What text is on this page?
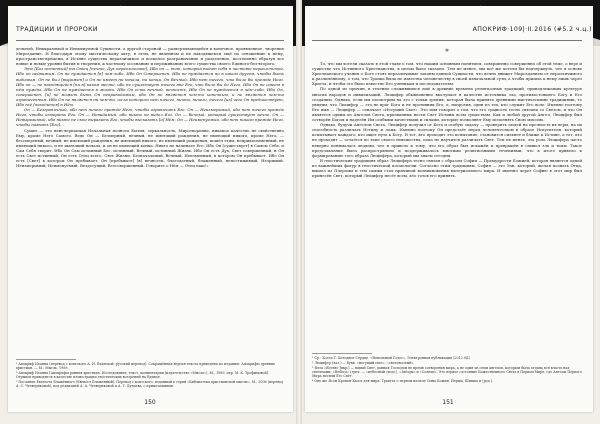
ТРАДИЦИИ И ПРОРОКИ	АПОКРИФ·109|·II.2016 (#5.2 ч.ц.)

дельной, Невыразимой и Неименуемой Сущности, а другой стороной — развертывающейся в конечное, проявленное, творение Мироздание. И благодаря этому мистическому акту, в этом, не явленном и не находящемся ещё по отношению к нему, пространстве-времени, в Истине существа неразличимое и всецелое разграничение и разделение, постепенно образуя все новые и новые уровни бытия и творения, к частному осознанию и переживанию всего существа своего Единого-без-второго.

Это [Бог истинный] та Отец [нечто, Дух неразличимое], Ибо он — тот, который видит себя в чистоте неразличимой, Ибо он недвижим. Он не нуждается [в] чем-либо. Ибо Он Совершенен. Ибо не нуждается ни в каком другом, чтобы быть видимым. Он не был [выражен] и Он не имеет ни начала, ни конца. Он Вечный. Ибо нет ничего, что было бы прежде Него. Ибо он — не находящийся [ни в] каком месте, ибо не существует ничего вне Его, что было бы до Него. Ибо Он не имеет в нём нужды. Ибо Он не нуждается в жизни. Ибо Он есть вечный, вечность. Ибо Он не нуждается в чём-либо. Ибо Он, совершенен, [и] не может быть Он неприводимым, ибо Он не является чем-то конечным, и не является чем-то ограниченным. Ибо Он не является ни чем-то, из-за которого нет ничего, ничто, ничего, ничего [из] чего Он предшествует, Ибо всё [находится] в Нём.

Он — Безграничный, ибо нет ничего прежде Него, чтобы ограничить Его. Он — Неизмеримый, ибо нет ничего прежде Него, чтобы измерить Его. Он — Невидимый, ибо никто не видел Его. Он — Вечный, который существует вечно. Он — Невыразимый, ибо никто не смог выразить Его, чтобы высказать [о] Нём. Он — Неименуемый, ибо нет никого прежде Него, чтобы назвать [Его]…

Сущее — это неисчерпаемая Начальная полнота Бытия, зеркальность, Миротворение, никакое качество не свойственно Ему, кроме Него Самого. Ведь Он — Безмерный, вечный, не имеющий рождения, не имеющий никого, кроме Него, — бессмертный, вечный, не имеющий рождения, не имеющий никого, не имеющий рождения, пошёл этим, неприкосновенный, не имеющий никого, и не имеющий начала, и он не имеющий конца. Никто не начинает Его. Ибо Он [существует] в Самом Себе, и Сам Себя творит. Ибо Он Сам истинный Бог, истинный, Вечный, истинный Жизнь. Ибо Он есть Дух, Свет совершенный, и Он есть Свет истинный, Он есть Отец всего. Свет Жизни, Безначальный, Вечный, Неизменный, в котором Он пребывает. Ибо Он есть [Свет] в котором Он пребывает. Он [пребывает] [в] вечности, благодатный, блаженный, непостижимый, Незримый, Неизмеримый, Неименуемый, Вездесущий, Всесовершенный. Говорите о Нём — Отец наш!»

¹ Апокриф Иоанна (перевод с коптского А. И. Еланской; русский перевод). Сокращённая версия текста приведена по изданию: Апокрифы древних христиан. — М.: Мысль, 1989.

² Апокриф Иоанна [Апокрифы ранних христиан. Исследование, текст, комментарии (издательство «Мысль»), М., 1989, пер. М. К. Трофимовой]. Отрывок приводится в качестве иллюстрации гностических воззрений на Единое.

³ Послание Евгноста Блаженного (Евгност Блаженный). Перевод с коптского, изданный в серии «Библиотека христианской мысли», М., 2006 (перевод А. С. Четвериковой), под редакцией А. А. Четвериковой и А. Г. Дунаева, с примечаниями.

*

То, что мы хотели сказать в этой главе о том, что нашим основным понятием, совершенно совершенно об этой теме, о вере и существе что Истинного Христианства, в целом было сказано. Тем не менее, мы всё же хотели бы подчеркнуть, что в основе Христианского учения о Боге стоят неразличимые законы единой Сущности, что вечно движет Мирозданием от неразличимого к различённому, о том, что Троица была не известна человечеству в своей изначальной сути, а чтобы пришла к нему лишь через Христа, и чтобы это было известно Его ученикам и последователям.

По одной из причин, в течение сложившихся ещё в древние времена религиозных традиций, принадлежащих культуре многих народов и цивилизаций, Люцифер обыкновенно выступает в качестве источника зла, противостоящего Богу и Его созданию. Однако, если мы посмотрим на это с точки зрения, которая была принята древними мистическими традициями, то увидим, что Люцифер — это не враг Бога и не противник Его, а, напротив, один из тех, кто служит Его воле. Именно поэтому Его имя — Люцифер — означает «Несущий Свет». Это имя говорит о том, что его сущность тесно связана со Светом, и что Он является одним из Ангелов Света, призванных нести Свет Истины всем существам. Как и любой другой Ангел, Люцифер был сотворён Богом и наделён Им особыми качествами и силами, которые позволяют Ему исполнять Свою миссию.

Однако, будучи Ангелом Света, Люцифер получил от Бога и особую задачу — проверить людей на прочность их веры, на их способность различать Истину и ложь. Именно поэтому Он предстаёт перед человечеством в образе Искусителя, который испытывает каждого, кто ищет путь к Богу. И тот, кто проходит это испытание, становится сильнее и ближе к Истине, а тот, кто не проходит — остаётся во тьме своего невежества, пока не научится различать Свет. Тем не менее, эта роль Люцифера часто неверно понималась людьми, что и привело к тому, что его образ был искажён и превращён в символ зла и тьмы. Такое представление было распространено и поддерживалось многими религиозными течениями, что в итоге привело к формированию того образа Люцифера, который мы знаем сегодня.

В гностических традициях образ Люцифера тесно связан с образом Софии — Премудрости Божией, которая является одной из важнейших фигур в гностической космологии. Согласно этим традициям, София — это Эон, который, желая познать Отца, вышел из Плеромы и тем самым стал причиной возникновения материального мира. И именно через Софию в этот мир был принесён Свет, который Люцифер несёт всем, кто готов его принять.

¹ Ср.: Хоэлл Т. Холодное Сердце. «Невольный Голос», Электронная публикация (2012.04.)

² Люцифер (лат.) — букв. «несущий свет», «светоносный».

³ Ялта «Ясеня» [вкр.] — новый Свет, данная Господом во время сотворения мира, а не один из семи ангелов, которым была отдана вся власть над светилами; «Небеса» (греч. — «небесный свод»), «Звёзды» и «Солнце». Это первое состояние Божественного Света в Первом Мире, где Ангелы Первого Мира носили Его Свет.

⁴ Оно же Ясон Кронон-Хаоса для мира. Трактат о первом начале Сына Божия, Нерша, Шишка и (ред.).

150	151
